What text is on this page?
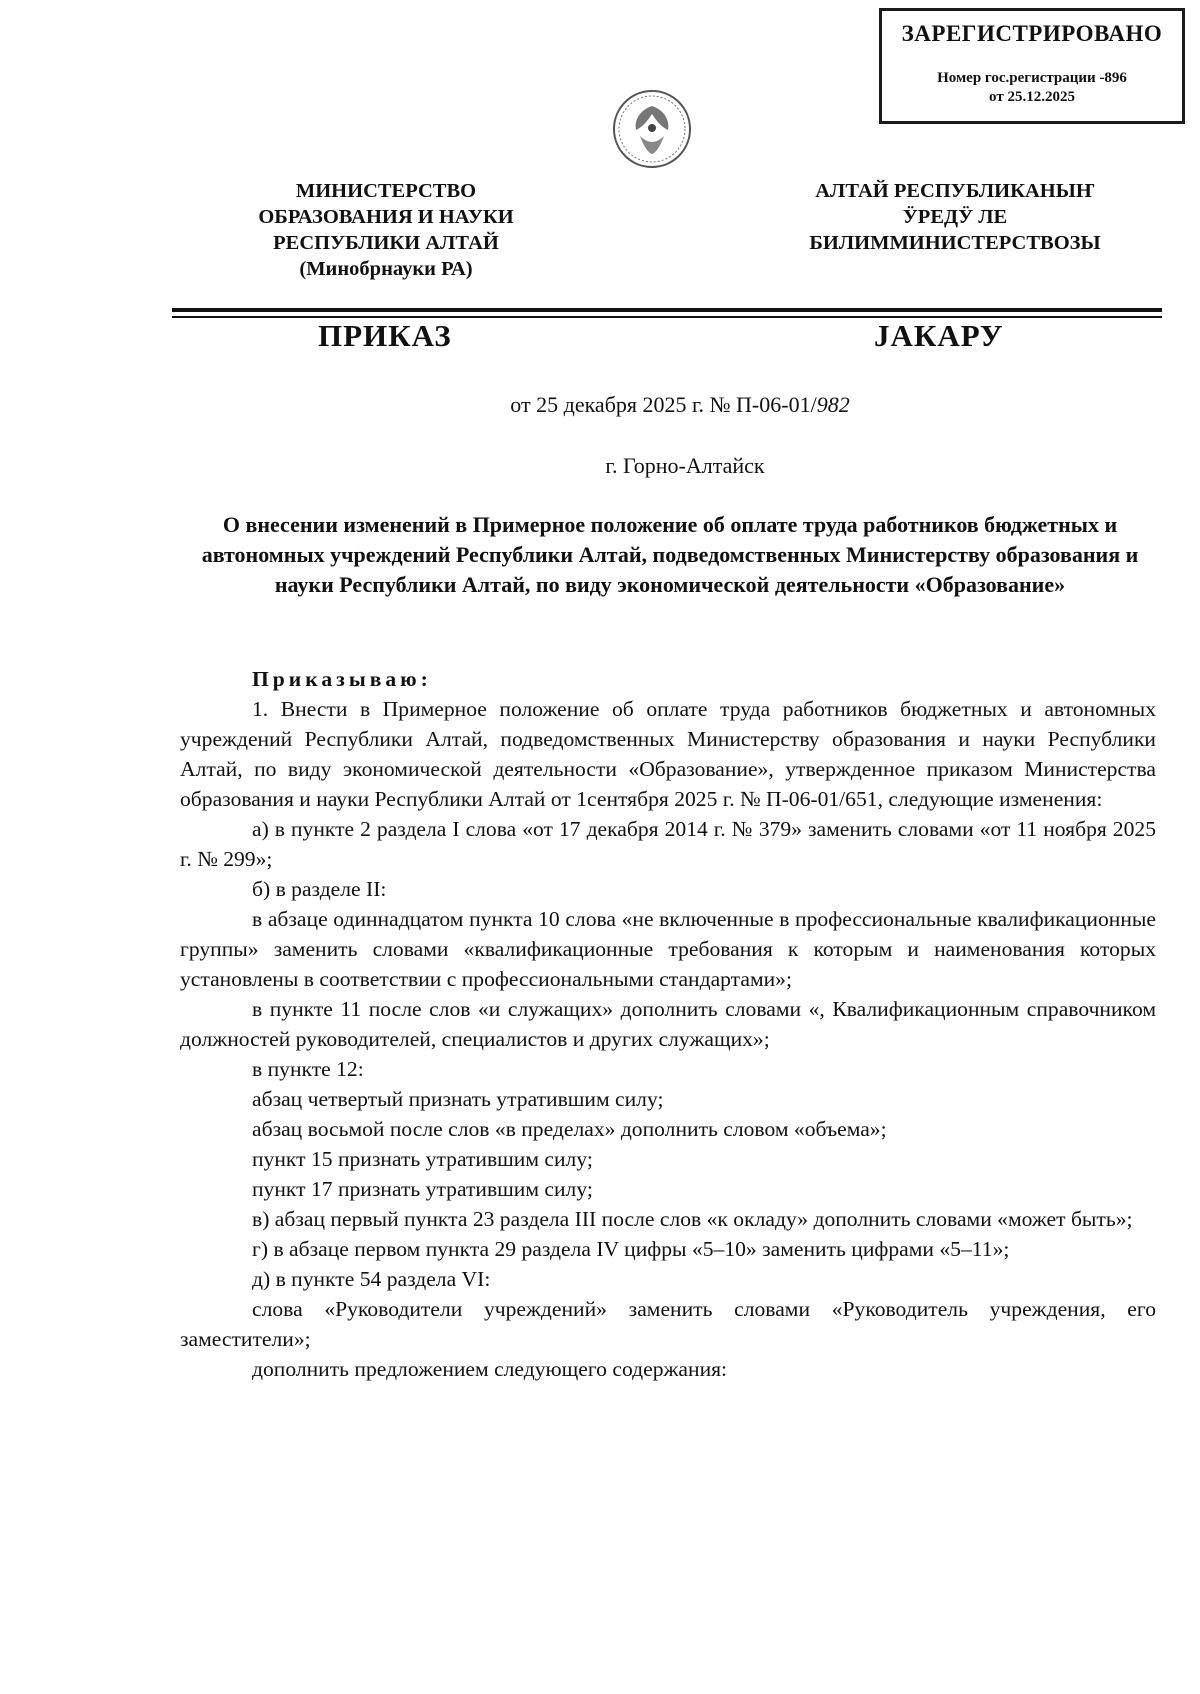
ЗАРЕГИСТРИРОВАНО
Номер гос.регистрации -896
от 25.12.2025
МИНИСТЕРСТВО
ОБРАЗОВАНИЯ И НАУКИ
РЕСПУБЛИКИ АЛТАЙ
(Минобрнауки РА)
АЛТАЙ РЕСПУБЛИКАНЫҤ
ӰРЕДӰ ЛЕ
БИЛИММИНИСТЕРСТВОЗЫ
ПРИКАЗ	ЈАКАРУ
от 25 декабря 2025 г. № П-06-01/982
г. Горно-Алтайск
О внесении изменений в Примерное положение об оплате труда работников бюджетных и автономных учреждений Республики Алтай, подведомственных Министерству образования и науки Республики Алтай, по виду экономической деятельности «Образование»

Приказываю:

1. Внести в Примерное положение об оплате труда работников бюджетных и автономных учреждений Республики Алтай, подведомственных Министерству образования и науки Республики Алтай, по виду экономической деятельности «Образование», утвержденное приказом Министерства образования и науки Республики Алтай от 1сентября 2025 г. № П-06-01/651, следующие изменения:

а) в пункте 2 раздела I слова «от 17 декабря 2014 г. № 379» заменить словами «от 11 ноября 2025 г. № 299»;

б) в разделе II:

в абзаце одиннадцатом пункта 10 слова «не включенные в профессиональные квалификационные группы» заменить словами «квалификационные требования к которым и наименования которых установлены в соответствии с профессиональными стандартами»;

в пункте 11 после слов «и служащих» дополнить словами «, Квалификационным справочником должностей руководителей, специалистов и других служащих»;

в пункте 12:

абзац четвертый признать утратившим силу;

абзац восьмой после слов «в пределах» дополнить словом «объема»;

пункт 15 признать утратившим силу;

пункт 17 признать утратившим силу;

в) абзац первый пункта 23 раздела III после слов «к окладу» дополнить словами «может быть»;

г) в абзаце первом пункта 29 раздела IV цифры «5–10» заменить цифрами «5–11»;

д) в пункте 54 раздела VI:

слова «Руководители учреждений» заменить словами «Руководитель учреждения, его заместители»;

дополнить предложением следующего содержания:
